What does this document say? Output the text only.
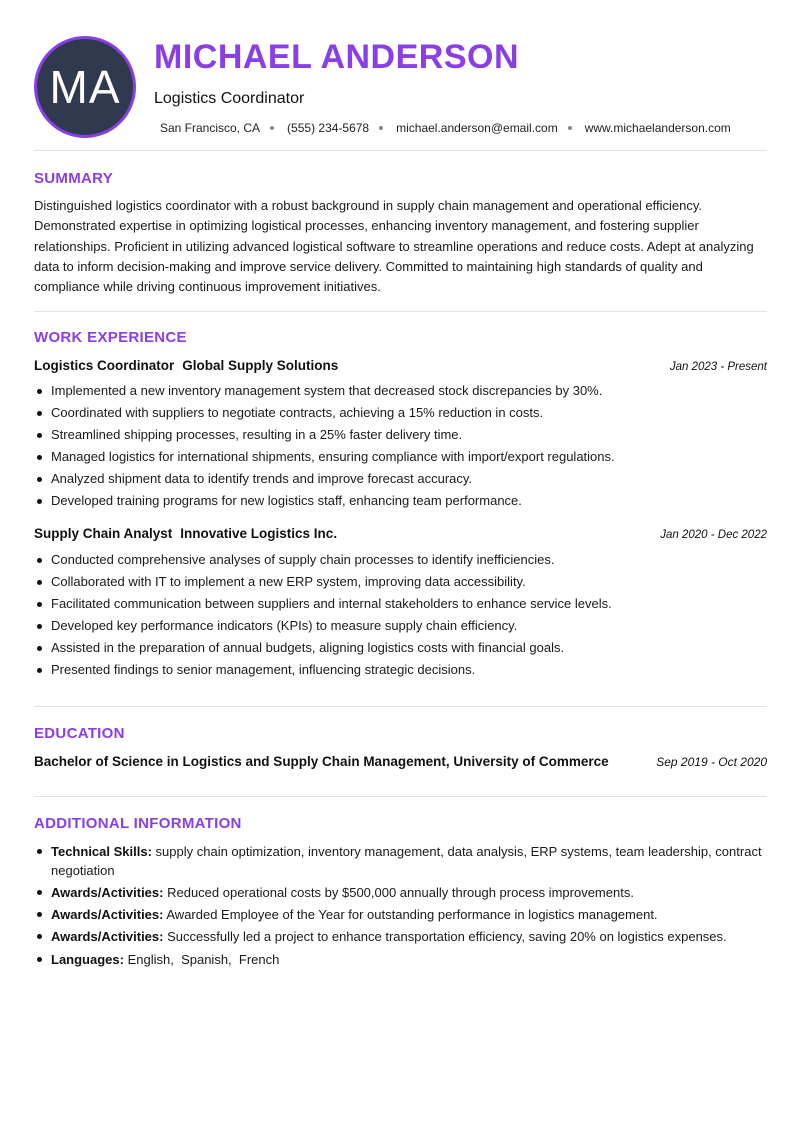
MA
MICHAEL ANDERSON
Logistics Coordinator
San Francisco, CA (555) 234-5678 michael.anderson@email.com www.michaelanderson.com
SUMMARY
Distinguished logistics coordinator with a robust background in supply chain management and operational efficiency. Demonstrated expertise in optimizing logistical processes, enhancing inventory management, and fostering supplier relationships. Proficient in utilizing advanced logistical software to streamline operations and reduce costs. Adept at analyzing data to inform decision-making and improve service delivery. Committed to maintaining high standards of quality and compliance while driving continuous improvement initiatives.
WORK EXPERIENCE
Logistics Coordinator Global Supply Solutions	Jan 2023 - Present
Implemented a new inventory management system that decreased stock discrepancies by 30%.
Coordinated with suppliers to negotiate contracts, achieving a 15% reduction in costs.
Streamlined shipping processes, resulting in a 25% faster delivery time.
Managed logistics for international shipments, ensuring compliance with import/export regulations.
Analyzed shipment data to identify trends and improve forecast accuracy.
Developed training programs for new logistics staff, enhancing team performance.
Supply Chain Analyst Innovative Logistics Inc.	Jan 2020 - Dec 2022
Conducted comprehensive analyses of supply chain processes to identify inefficiencies.
Collaborated with IT to implement a new ERP system, improving data accessibility.
Facilitated communication between suppliers and internal stakeholders to enhance service levels.
Developed key performance indicators (KPIs) to measure supply chain efficiency.
Assisted in the preparation of annual budgets, aligning logistics costs with financial goals.
Presented findings to senior management, influencing strategic decisions.
EDUCATION
Bachelor of Science in Logistics and Supply Chain Management, University of Commerce	Sep 2019 - Oct 2020
ADDITIONAL INFORMATION
Technical Skills: supply chain optimization, inventory management, data analysis, ERP systems, team leadership, contract negotiation
Awards/Activities: Reduced operational costs by $500,000 annually through process improvements.
Awards/Activities: Awarded Employee of the Year for outstanding performance in logistics management.
Awards/Activities: Successfully led a project to enhance transportation efficiency, saving 20% on logistics expenses.
Languages: English,  Spanish,  French
